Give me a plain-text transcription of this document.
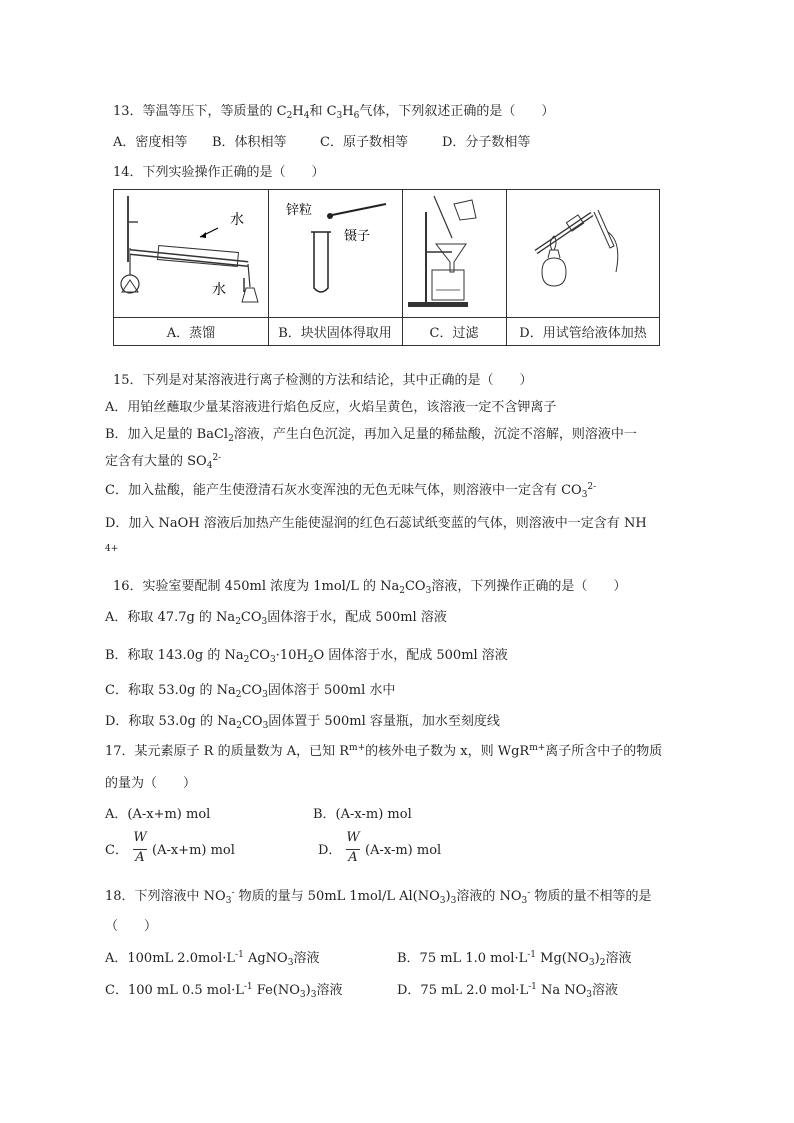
13．等温等压下，等质量的 $C_2H_4$和 $C_3H_6$气体，下列叙述正确的是（　　）
A．密度相等 B．体积相等	C．原子数相等	D．分子数相等
14．下列实验操作正确的是（　　）
水
水
锌粒
镊子
A．蒸馏	B．块状固体得取用	C．过滤	D．用试管给液体加热
15．下列是对某溶液进行离子检测的方法和结论，其中正确的是（　　）
A．用铂丝蘸取少量某溶液进行焰色反应，火焰呈黄色，该溶液一定不含钾离子
B．加入足量的 BaCl$_2$溶液，产生白色沉淀，再加入足量的稀盐酸，沉淀不溶解，则溶液中一
定含有大量的 $SO_4^{2-}$
C．加入盐酸，能产生使澄清石灰水变浑浊的无色无味气体，则溶液中一定含有 $CO_3^{2-}$
D．加入 NaOH 溶液后加热产生能使湿润的红色石蕊试纸变蓝的气体，则溶液中一定含有 NH
4+
16．实验室要配制 450ml 浓度为 1mol/L 的 $Na_2CO_3$溶液，下列操作正确的是（　　）
A．称取 47.7g 的 $Na_2CO_3$固体溶于水，配成 500ml 溶液
B．称取 143.0g 的 $Na_2CO_3\cdot 10H_2O$ 固体溶于水，配成 500ml 溶液
C．称取 53.0g 的 $Na_2CO_3$固体溶于 500ml 水中
D．称取 53.0g 的 $Na_2CO_3$固体置于 500ml 容量瓶，加水至刻度线
17．某元素原子 R 的质量数为 A，已知 $R^{m+}$的核外电子数为 x，则 WgR$^{m+}$离子所含中子的物质
的量为（　　）
A．(A-x+m) mol	B．(A-x-m) mol
C．
W
A (A-x+m) mol	D．
W
A (A-x-m) mol
18．下列溶液中 $NO_3^-$ 物质的量与 50mL 1mol/L $Al(NO_3)_3$溶液的 $NO_3^-$ 物质的量不相等的是
（　　）
A．100mL $2.0mol\cdot L^{-1}$ AgNO$_3$溶液	B．75 mL 1.0 $mol\cdot L^{-1}$ $Mg(NO_3)_2$溶液
C．100 mL 0.5 $mol\cdot L^{-1}$ $Fe(NO_3)_3$溶液	D．75 mL 2.0 $mol\cdot L^{-1}$ Na $NO_3$溶液
